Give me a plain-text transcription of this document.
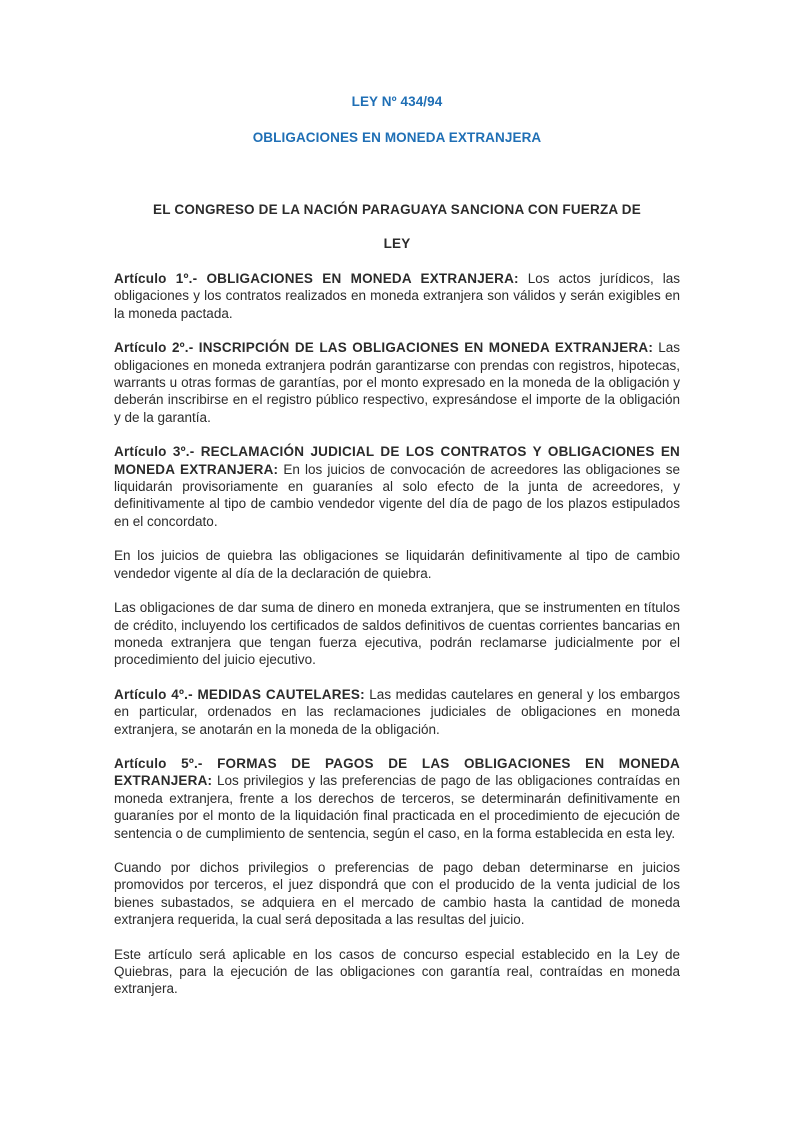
LEY Nº 434/94

OBLIGACIONES EN MONEDA EXTRANJERA

EL CONGRESO DE LA NACIÓN PARAGUAYA SANCIONA CON FUERZA DE

LEY

Artículo 1º.- OBLIGACIONES EN MONEDA EXTRANJERA: Los actos jurídicos, las obligaciones y los contratos realizados en moneda extranjera son válidos y serán exigibles en la moneda pactada.

Artículo 2º.- INSCRIPCIÓN DE LAS OBLIGACIONES EN MONEDA EXTRANJERA: Las obligaciones en moneda extranjera podrán garantizarse con prendas con registros, hipotecas, warrants u otras formas de garantías, por el monto expresado en la moneda de la obligación y deberán inscribirse en el registro público respectivo, expresándose el importe de la obligación y de la garantía.

Artículo 3º.- RECLAMACIÓN JUDICIAL DE LOS CONTRATOS Y OBLIGACIONES EN MONEDA EXTRANJERA: En los juicios de convocación de acreedores las obligaciones se liquidarán provisoriamente en guaraníes al solo efecto de la junta de acreedores, y definitivamente al tipo de cambio vendedor vigente del día de pago de los plazos estipulados en el concordato.

En los juicios de quiebra las obligaciones se liquidarán definitivamente al tipo de cambio vendedor vigente al día de la declaración de quiebra.

Las obligaciones de dar suma de dinero en moneda extranjera, que se instrumenten en títulos de crédito, incluyendo los certificados de saldos definitivos de cuentas corrientes bancarias en moneda extranjera que tengan fuerza ejecutiva, podrán reclamarse judicialmente por el procedimiento del juicio ejecutivo.

Artículo 4º.- MEDIDAS CAUTELARES: Las medidas cautelares en general y los embargos en particular, ordenados en las reclamaciones judiciales de obligaciones en moneda extranjera, se anotarán en la moneda de la obligación.

Artículo 5º.- FORMAS DE PAGOS DE LAS OBLIGACIONES EN MONEDA EXTRANJERA: Los privilegios y las preferencias de pago de las obligaciones contraídas en moneda extranjera, frente a los derechos de terceros, se determinarán definitivamente en guaraníes por el monto de la liquidación final practicada en el procedimiento de ejecución de sentencia o de cumplimiento de sentencia, según el caso, en la forma establecida en esta ley.

Cuando por dichos privilegios o preferencias de pago deban determinarse en juicios promovidos por terceros, el juez dispondrá que con el producido de la venta judicial de los bienes subastados, se adquiera en el mercado de cambio hasta la cantidad de moneda extranjera requerida, la cual será depositada a las resultas del juicio.

Este artículo será aplicable en los casos de concurso especial establecido en la Ley de Quiebras, para la ejecución de las obligaciones con garantía real, contraídas en moneda extranjera.
